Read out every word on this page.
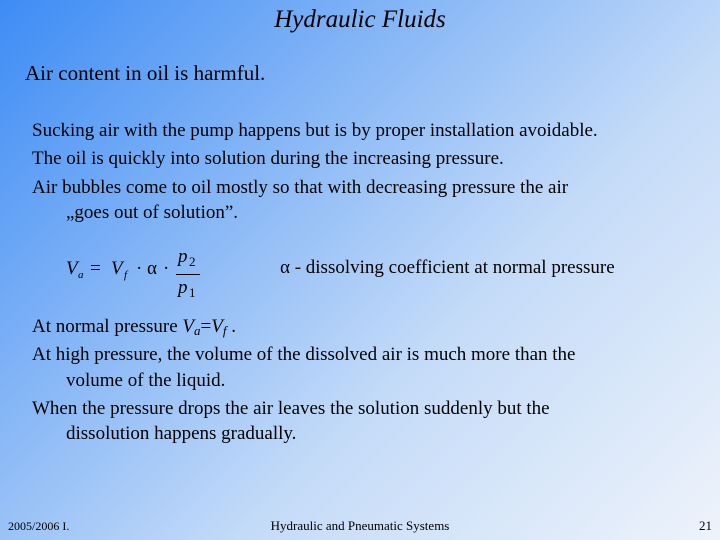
Hydraulic Fluids
Air content in oil is harmful.
Sucking air with the pump happens but is by proper installation avoidable.
The oil is quickly into solution during the increasing pressure.
Air bubbles come to oil mostly so that with decreasing pressure the air
„goes out of solution”.
V a = V f · α ·
p 2
p 1
α - dissolving coefficient at normal pressure
At normal pressure $V_a=V_f$ .
At high pressure, the volume of the dissolved air is much more than the
volume of the liquid.
When the pressure drops the air leaves the solution suddenly but the
dissolution happens gradually.
2005/2006 I.	Hydraulic and Pneumatic Systems	21
